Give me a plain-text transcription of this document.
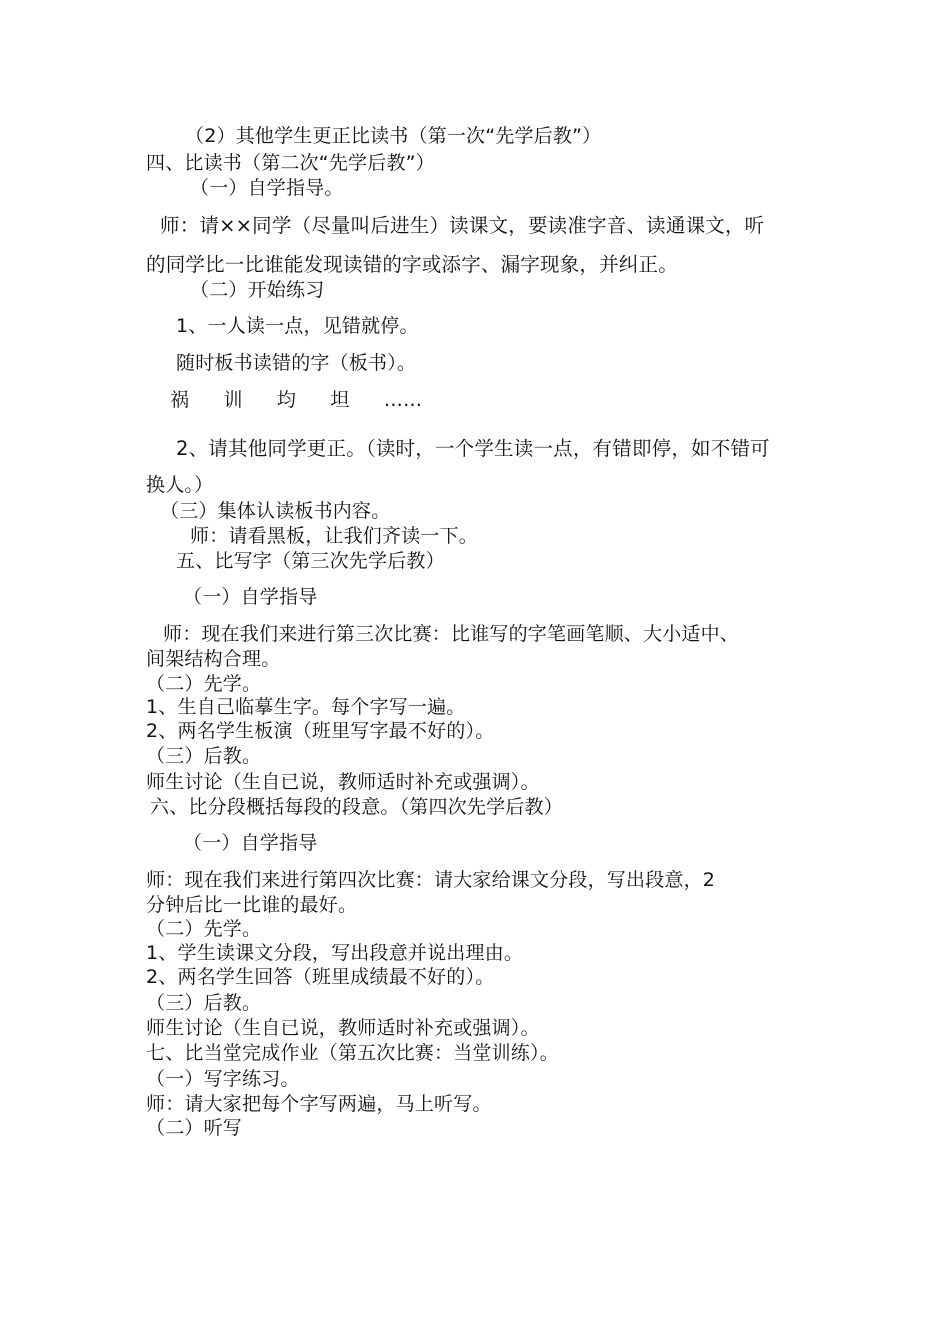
（2）其他学生更正比读书（第一次“先学后教”）
四、比读书（第二次“先学后教”）
（一）自学指导。
师：请××同学（尽量叫后进生）读课文，要读准字音、读通课文，听
的同学比一比谁能发现读错的字或添字、漏字现象，并纠正。
（二）开始练习
1、一人读一点，见错就停。
随时板书读错的字（板书）。
祸 训 均 坦 ……
2、请其他同学更正。（读时，一个学生读一点，有错即停，如不错可
换人。）
（三）集体认读板书内容。
师：请看黑板，让我们齐读一下。
五、比写字（第三次先学后教）
（一）自学指导
师：现在我们来进行第三次比赛：比谁写的字笔画笔顺、大小适中、
间架结构合理。
（二）先学。
1、生自己临摹生字。每个字写一遍。
2、两名学生板演（班里写字最不好的）。
（三）后教。
师生讨论（生自已说，教师适时补充或强调）。
六、比分段概括每段的段意。（第四次先学后教）
（一）自学指导
师：现在我们来进行第四次比赛：请大家给课文分段，写出段意，2
分钟后比一比谁的最好。
（二）先学。
1、学生读课文分段，写出段意并说出理由。
2、两名学生回答（班里成绩最不好的）。
（三）后教。
师生讨论（生自已说，教师适时补充或强调）。
七、比当堂完成作业（第五次比赛：当堂训练）。
（一）写字练习。
师：请大家把每个字写两遍，马上听写。
（二）听写
